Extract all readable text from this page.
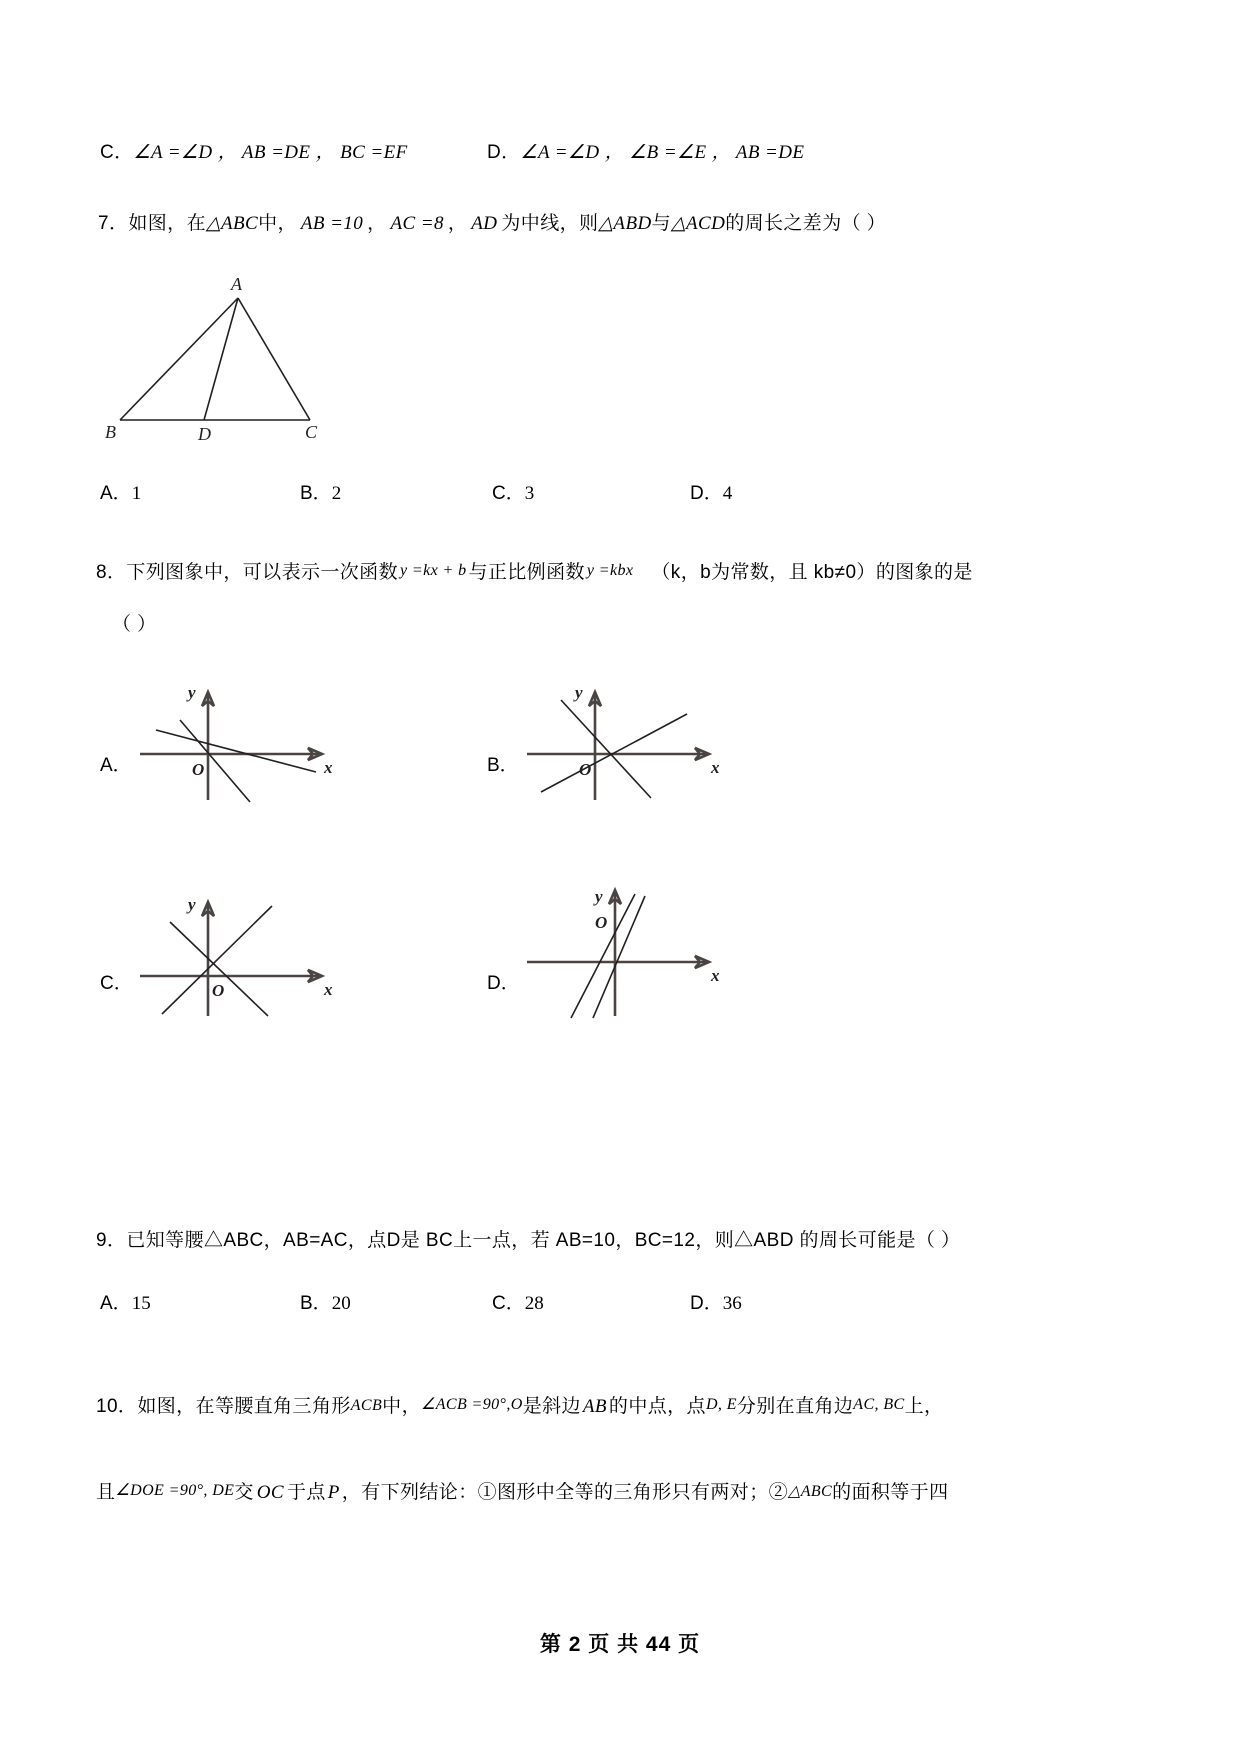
C．∠A =∠D ， AB =DE ， BC =EF	D．∠A =∠D ， ∠B =∠E ， AB =DE
7．如图，在△ABC中， AB =10 ， AC =8 ， AD 为中线，则△ABD与△ACD的周长之差为（ ）
A
B	D	C
A．1	B．2	C．3	D．4
8．下列图象中，可以表示一次函数 y =kx + b 与正比例函数 y =kbx （k，b为常数，且 kb≠0）的图象的是
（ ）
A．
y
x
O	B．
y
x
O
C．
y
x
O	D．
y
x
O
9．已知等腰△ABC，AB=AC，点D是 BC上一点，若 AB=10，BC=12，则△ABD 的周长可能是（ ）
A．15	B．20	C．28	D．36
10．如图，在等腰直角三角形ACB中，∠ACB =90°,O是斜边 AB 的中点，点D, E分别在直角边AC, BC上，
且∠DOE =90°, DE交 OC 于点 P ，有下列结论：①图形中全等的三角形只有两对；②△ABC的面积等于四
第 2 页 共 44 页
